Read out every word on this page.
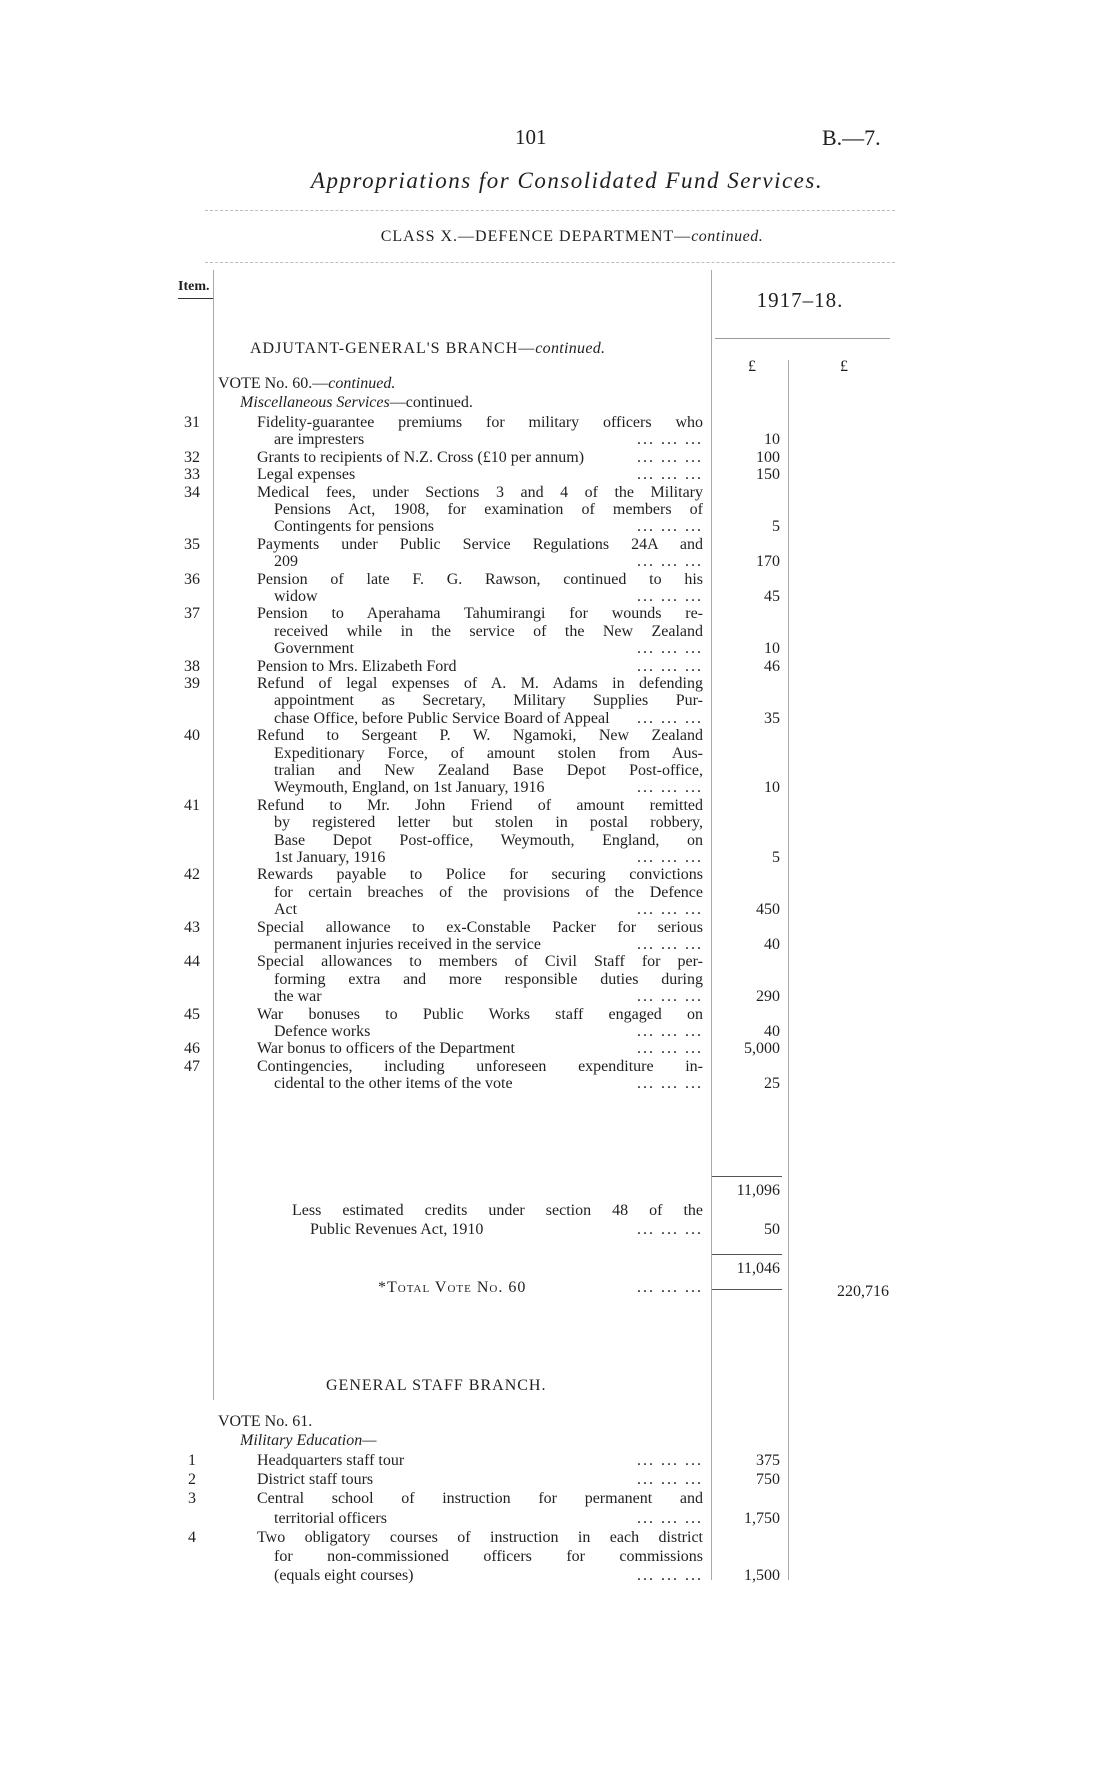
101	B.—7.
Appropriations for Consolidated Fund Services.
CLASS X.—DEFENCE DEPARTMENT—continued.
Item.
1917–18.
£	£
ADJUTANT-GENERAL'S BRANCH—continued.
VOTE No. 60.—continued.
Miscellaneous Services—continued.
31	Fidelity-guarantee premiums for military officers who
are impresters	... ... ...	10
32	Grants to recipients of N.Z. Cross (£10 per annum)	... ... ...	100
33	Legal expenses	... ... ...	150
34	Medical fees, under Sections 3 and 4 of the Military
Pensions Act, 1908, for examination of members of
Contingents for pensions	... ... ...	5
35	Payments under Public Service Regulations 24A and
209	... ... ...	170
36	Pension of late F. G. Rawson, continued to his
widow	... ... ...	45
37	Pension to Aperahama Tahumirangi for wounds re-
received while in the service of the New Zealand
Government	... ... ...	10
38	Pension to Mrs. Elizabeth Ford	... ... ...	46
39	Refund of legal expenses of A. M. Adams in defending
appointment as Secretary, Military Supplies Pur-
chase Office, before Public Service Board of Appeal	... ... ...	35
40	Refund to Sergeant P. W. Ngamoki, New Zealand
Expeditionary Force, of amount stolen from Aus-
tralian and New Zealand Base Depot Post-office,
Weymouth, England, on 1st January, 1916	... ... ...	10
41	Refund to Mr. John Friend of amount remitted
by registered letter but stolen in postal robbery,
Base Depot Post-office, Weymouth, England, on
1st January, 1916	... ... ...	5
42	Rewards payable to Police for securing convictions
for certain breaches of the provisions of the Defence
Act	... ... ...	450
43	Special allowance to ex-Constable Packer for serious
permanent injuries received in the service	... ... ...	40
44	Special allowances to members of Civil Staff for per-
forming extra and more responsible duties during
the war	... ... ...	290
45	War bonuses to Public Works staff engaged on
Defence works	... ... ...	40
46	War bonus to officers of the Department	... ... ...	5,000
47	Contingencies, including unforeseen expenditure in-
cidental to the other items of the vote	... ... ...	25
11,096
Less estimated credits under section 48 of the
Public Revenues Act, 1910	... ... ...	50
11,046
*Total Vote No. 60	... ... ...	220,716
GENERAL STAFF BRANCH.
VOTE No. 61.
Military Education—
1	Headquarters staff tour	... ... ...	375
2	District staff tours	... ... ...	750
3	Central school of instruction for permanent and
territorial officers	... ... ...	1,750
4	Two obligatory courses of instruction in each district
for non-commissioned officers for commissions
(equals eight courses)	... ... ...	1,500
